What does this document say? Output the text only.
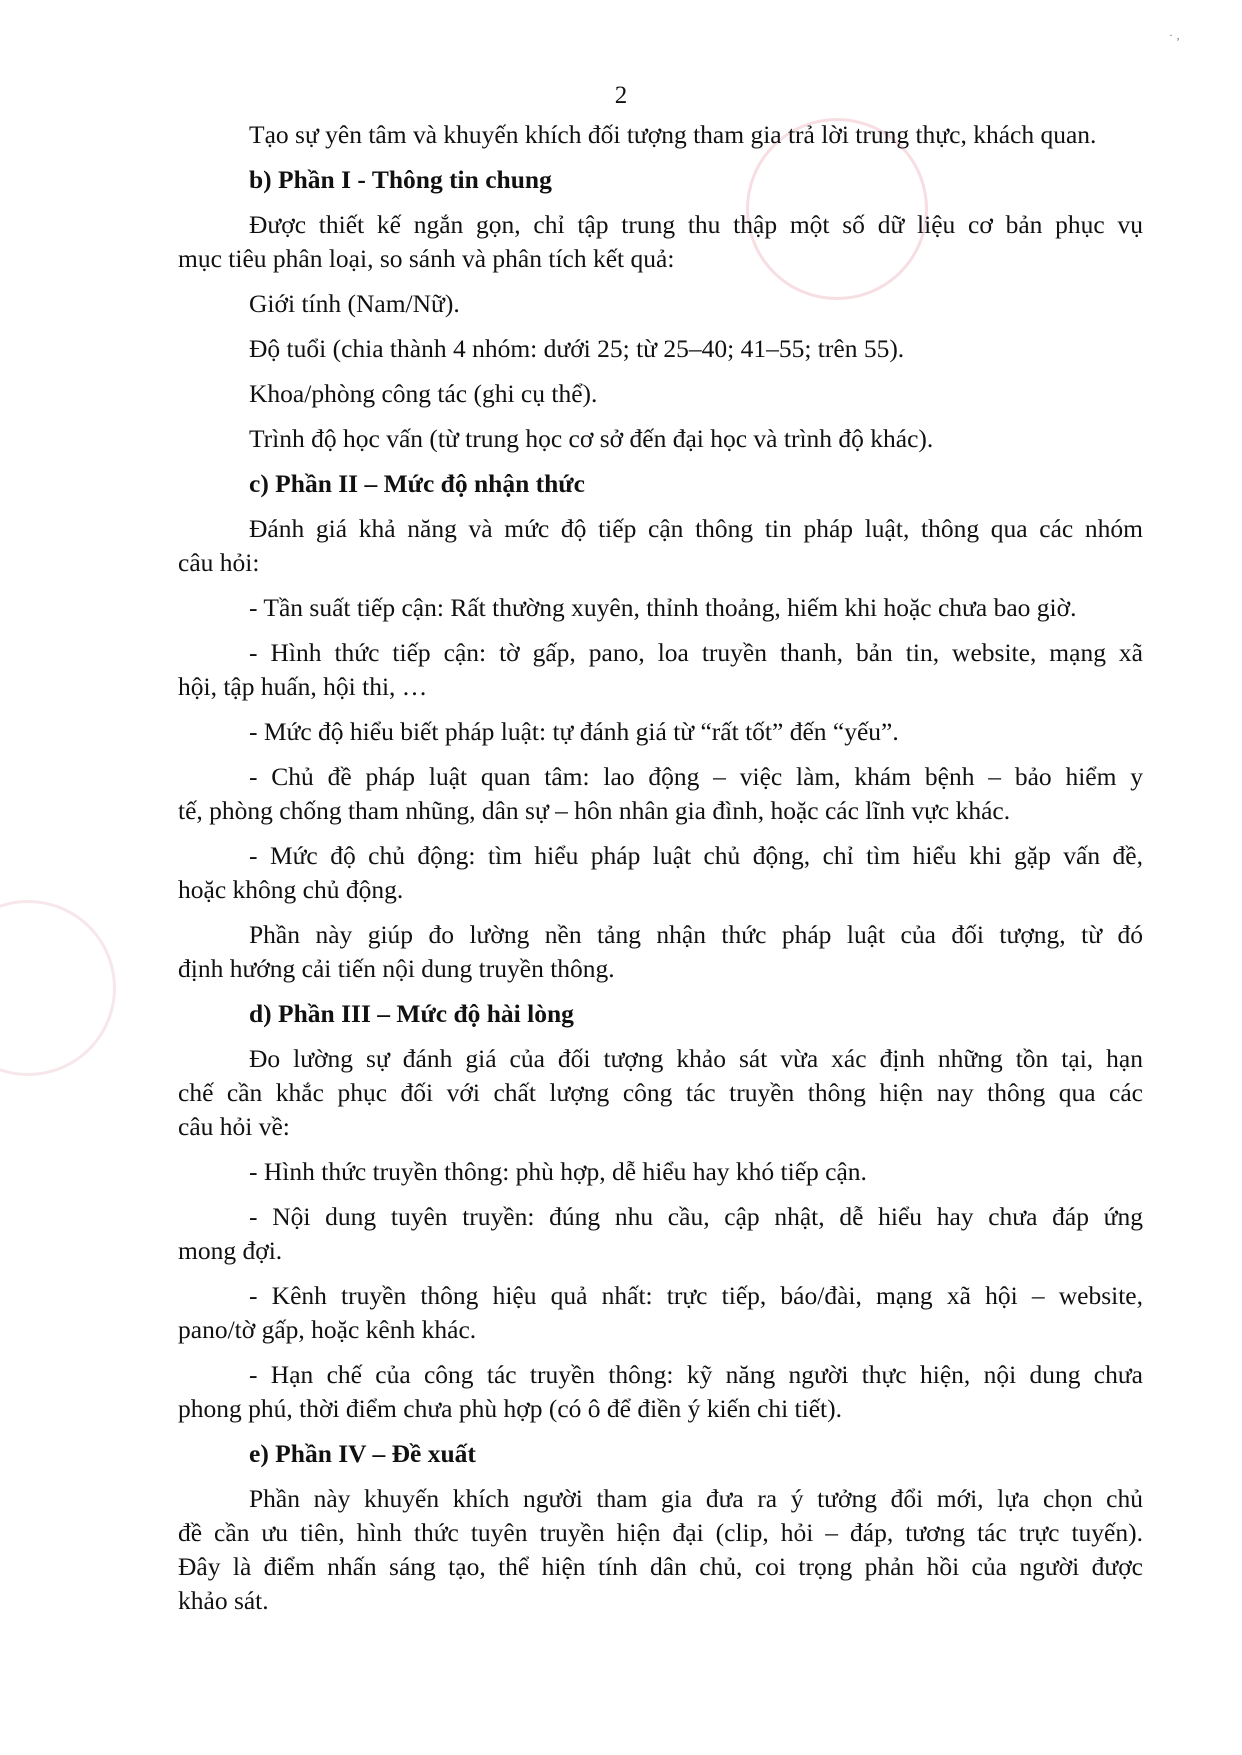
· ‚
2

Tạo sự yên tâm và khuyến khích đối tượng tham gia trả lời trung thực, khách quan.

b) Phần I - Thông tin chung

Được thiết kế ngắn gọn, chỉ tập trung thu thập một số dữ liệu cơ bản phục vụ

mục tiêu phân loại, so sánh và phân tích kết quả:

Giới tính (Nam/Nữ).

Độ tuổi (chia thành 4 nhóm: dưới 25; từ 25–40; 41–55; trên 55).

Khoa/phòng công tác (ghi cụ thể).

Trình độ học vấn (từ trung học cơ sở đến đại học và trình độ khác).

c) Phần II – Mức độ nhận thức

Đánh giá khả năng và mức độ tiếp cận thông tin pháp luật, thông qua các nhóm

câu hỏi:

- Tần suất tiếp cận: Rất thường xuyên, thỉnh thoảng, hiếm khi hoặc chưa bao giờ.

- Hình thức tiếp cận: tờ gấp, pano, loa truyền thanh, bản tin, website, mạng xã

hội, tập huấn, hội thi, …

- Mức độ hiểu biết pháp luật: tự đánh giá từ “rất tốt” đến “yếu”.

- Chủ đề pháp luật quan tâm: lao động – việc làm, khám bệnh – bảo hiểm y

tế, phòng chống tham nhũng, dân sự – hôn nhân gia đình, hoặc các lĩnh vực khác.

- Mức độ chủ động: tìm hiểu pháp luật chủ động, chỉ tìm hiểu khi gặp vấn đề,

hoặc không chủ động.

Phần này giúp đo lường nền tảng nhận thức pháp luật của đối tượng, từ đó

định hướng cải tiến nội dung truyền thông.

d) Phần III – Mức độ hài lòng

Đo lường sự đánh giá của đối tượng khảo sát vừa xác định những tồn tại, hạn

chế cần khắc phục đối với chất lượng công tác truyền thông hiện nay thông qua các

câu hỏi về:

- Hình thức truyền thông: phù hợp, dễ hiểu hay khó tiếp cận.

- Nội dung tuyên truyền: đúng nhu cầu, cập nhật, dễ hiểu hay chưa đáp ứng

mong đợi.

- Kênh truyền thông hiệu quả nhất: trực tiếp, báo/đài, mạng xã hội – website,

pano/tờ gấp, hoặc kênh khác.

- Hạn chế của công tác truyền thông: kỹ năng người thực hiện, nội dung chưa

phong phú, thời điểm chưa phù hợp (có ô để điền ý kiến chi tiết).

e) Phần IV – Đề xuất

Phần này khuyến khích người tham gia đưa ra ý tưởng đổi mới, lựa chọn chủ

đề cần ưu tiên, hình thức tuyên truyền hiện đại (clip, hỏi – đáp, tương tác trực tuyến).

Đây là điểm nhấn sáng tạo, thể hiện tính dân chủ, coi trọng phản hồi của người được

khảo sát.
